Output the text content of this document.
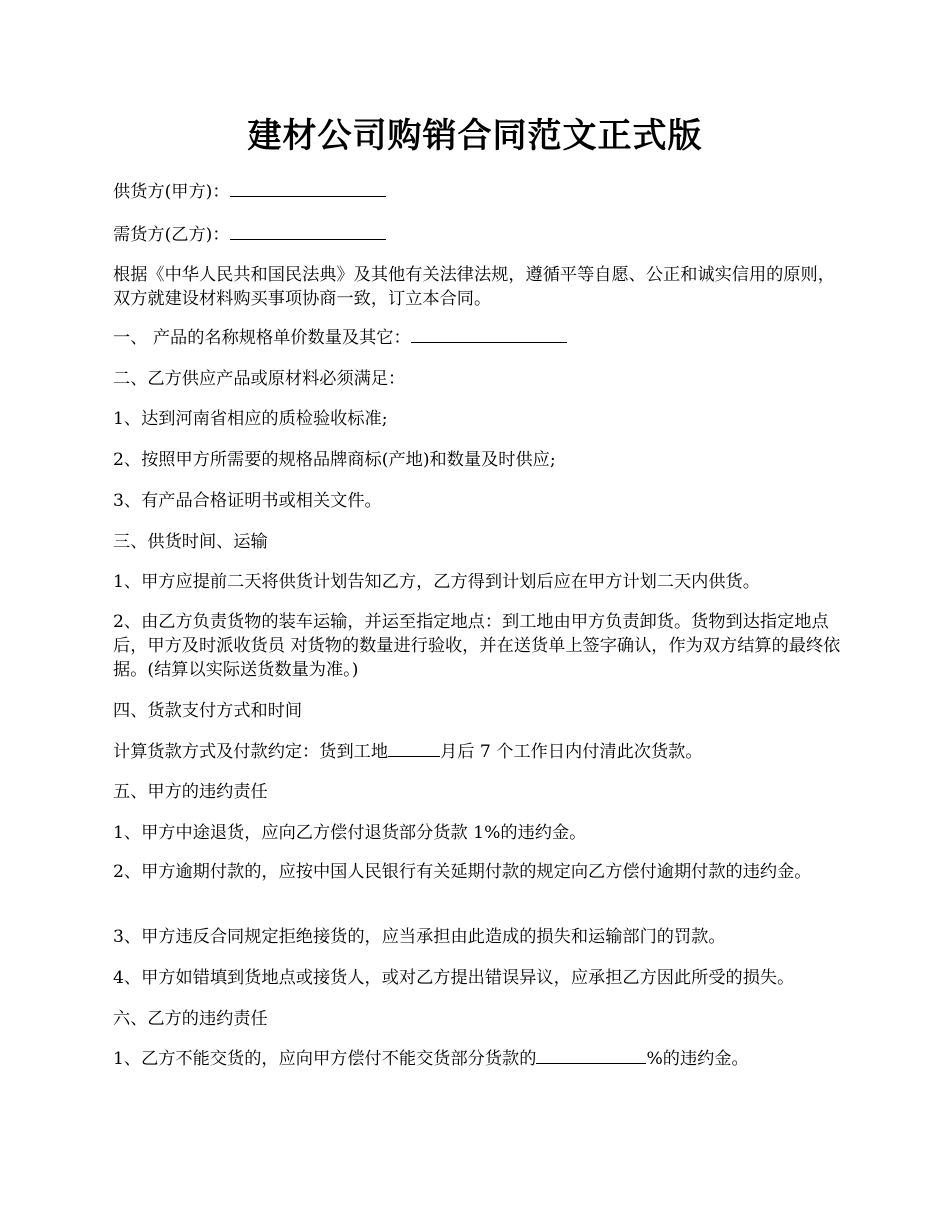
建材公司购销合同范文正式版

供货方(甲方)：

需货方(乙方)：

根据《中华人民共和国民法典》及其他有关法律法规，遵循平等自愿、公正和诚实信用的原则，双方就建设材料购买事项协商一致，订立本合同。

一、 产品的名称规格单价数量及其它：

二、乙方供应产品或原材料必须满足：

1、达到河南省相应的质检验收标准;

2、按照甲方所需要的规格品牌商标(产地)和数量及时供应;

3、有产品合格证明书或相关文件。

三、供货时间、运输

1、甲方应提前二天将供货计划告知乙方，乙方得到计划后应在甲方计划二天内供货。

2、由乙方负责货物的装车运输，并运至指定地点：到工地由甲方负责卸货。货物到达指定地点后，甲方及时派收货员 对货物的数量进行验收，并在送货单上签字确认，作为双方结算的最终依据。(结算以实际送货数量为准。)

四、货款支付方式和时间

计算货款方式及付款约定：货到工地	月后 7 个工作日内付清此次货款。

五、甲方的违约责任

1、甲方中途退货，应向乙方偿付退货部分货款 1%的违约金。

2、甲方逾期付款的，应按中国人民银行有关延期付款的规定向乙方偿付逾期付款的违约金。

3、甲方违反合同规定拒绝接货的，应当承担由此造成的损失和运输部门的罚款。

4、甲方如错填到货地点或接货人，或对乙方提出错误异议，应承担乙方因此所受的损失。

六、乙方的违约责任

1、乙方不能交货的，应向甲方偿付不能交货部分货款的	%的违约金。
